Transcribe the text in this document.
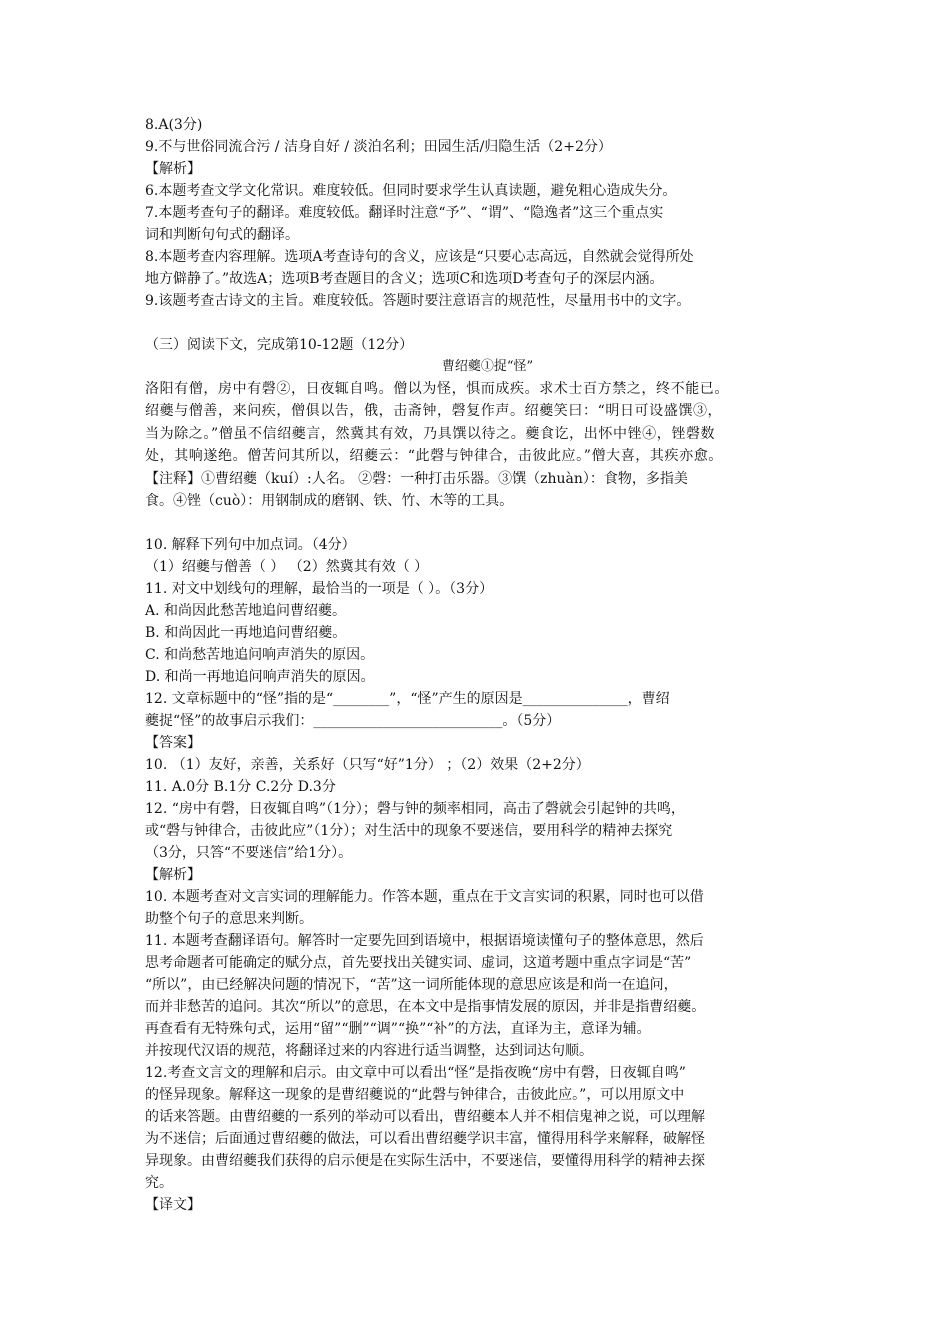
8.A(3分)
9.不与世俗同流合污 / 洁身自好 / 淡泊名利；田园生活/归隐生活（2+2分）
【解析】
6.本题考查文学文化常识。难度较低。但同时要求学生认真读题，避免粗心造成失分。
7.本题考查句子的翻译。难度较低。翻译时注意“予”、“谓”、“隐逸者”这三个重点实
词和判断句句式的翻译。
8.本题考查内容理解。选项A考查诗句的含义，应该是“只要心志高远，自然就会觉得所处
地方僻静了。”故选A；选项B考查题目的含义；选项C和选项D考查句子的深层内涵。
9.该题考查古诗文的主旨。难度较低。答题时要注意语言的规范性，尽量用书中的文字。
（三）阅读下文，完成第10-12题（12分）
曹绍夔①捉“怪”
洛阳有僧，房中有磬②，日夜辄自鸣。僧以为怪，惧而成疾。求术士百方禁之，终不能已。
绍夔与僧善，来问疾，僧俱以告，俄，击斋钟，磬复作声。绍夔笑曰：“明日可设盛馔③，
当为除之。”僧虽不信绍夔言，然冀其有效，乃具馔以待之。夔食讫，出怀中锉④，锉磬数
处，其响遂绝。僧苦问其所以，绍夔云：“此磬与钟律合，击彼此应。”僧大喜，其疾亦愈。
【注释】①曹绍夔（kuí）:人名。 ②磬：一种打击乐器。③馔（zhuàn）：食物，多指美
食。④锉（cuò）：用钢制成的磨钢、铁、竹、木等的工具。
10. 解释下列句中加点词。（4分）
（1）绍夔与僧善（ ） （2）然冀其有效（ ）
11. 对文中划线句的理解，最恰当的一项是（ ）。（3分）
A. 和尚因此愁苦地追问曹绍夔。
B. 和尚因此一再地追问曹绍夔。
C. 和尚愁苦地追问响声消失的原因。
D. 和尚一再地追问响声消失的原因。
12. 文章标题中的“怪”指的是“________”，“怪”产生的原因是_______________，曹绍
夔捉“怪”的故事启示我们：___________________________。（5分）
【答案】
10. （1）友好，亲善，关系好（只写“好”1分） ；（2）效果（2+2分）
11. A.0分 B.1分 C.2分 D.3分
12. “房中有磬，日夜辄自鸣”（1分）；磬与钟的频率相同，高击了磬就会引起钟的共鸣，
或“磬与钟律合，击彼此应”（1分）；对生活中的现象不要迷信，要用科学的精神去探究
（3分，只答“不要迷信”给1分）。
【解析】
10. 本题考查对文言实词的理解能力。作答本题，重点在于文言实词的积累，同时也可以借
助整个句子的意思来判断。
11. 本题考查翻译语句。解答时一定要先回到语境中，根据语境读懂句子的整体意思，然后
思考命题者可能确定的赋分点，首先要找出关键实词、虚词，这道考题中重点字词是“苦”
“所以”，由已经解决问题的情况下，“苦”这一词所能体现的意思应该是和尚一在追问，
而并非愁苦的追问。其次“所以”的意思，在本文中是指事情发展的原因，并非是指曹绍夔。
再查看有无特殊句式，运用“留”“删”“调”“换”“补”的方法，直译为主，意译为辅。
并按现代汉语的规范，将翻译过来的内容进行适当调整，达到词达句顺。
12.考查文言文的理解和启示。由文章中可以看出“怪”是指夜晚“房中有磬，日夜辄自鸣”
的怪异现象。解释这一现象的是曹绍夔说的“此磬与钟律合，击彼此应。”，可以用原文中
的话来答题。由曹绍夔的一系列的举动可以看出，曹绍夔本人并不相信鬼神之说，可以理解
为不迷信；后面通过曹绍夔的做法，可以看出曹绍夔学识丰富，懂得用科学来解释，破解怪
异现象。由曹绍夔我们获得的启示便是在实际生活中，不要迷信，要懂得用科学的精神去探
究。
【译文】
